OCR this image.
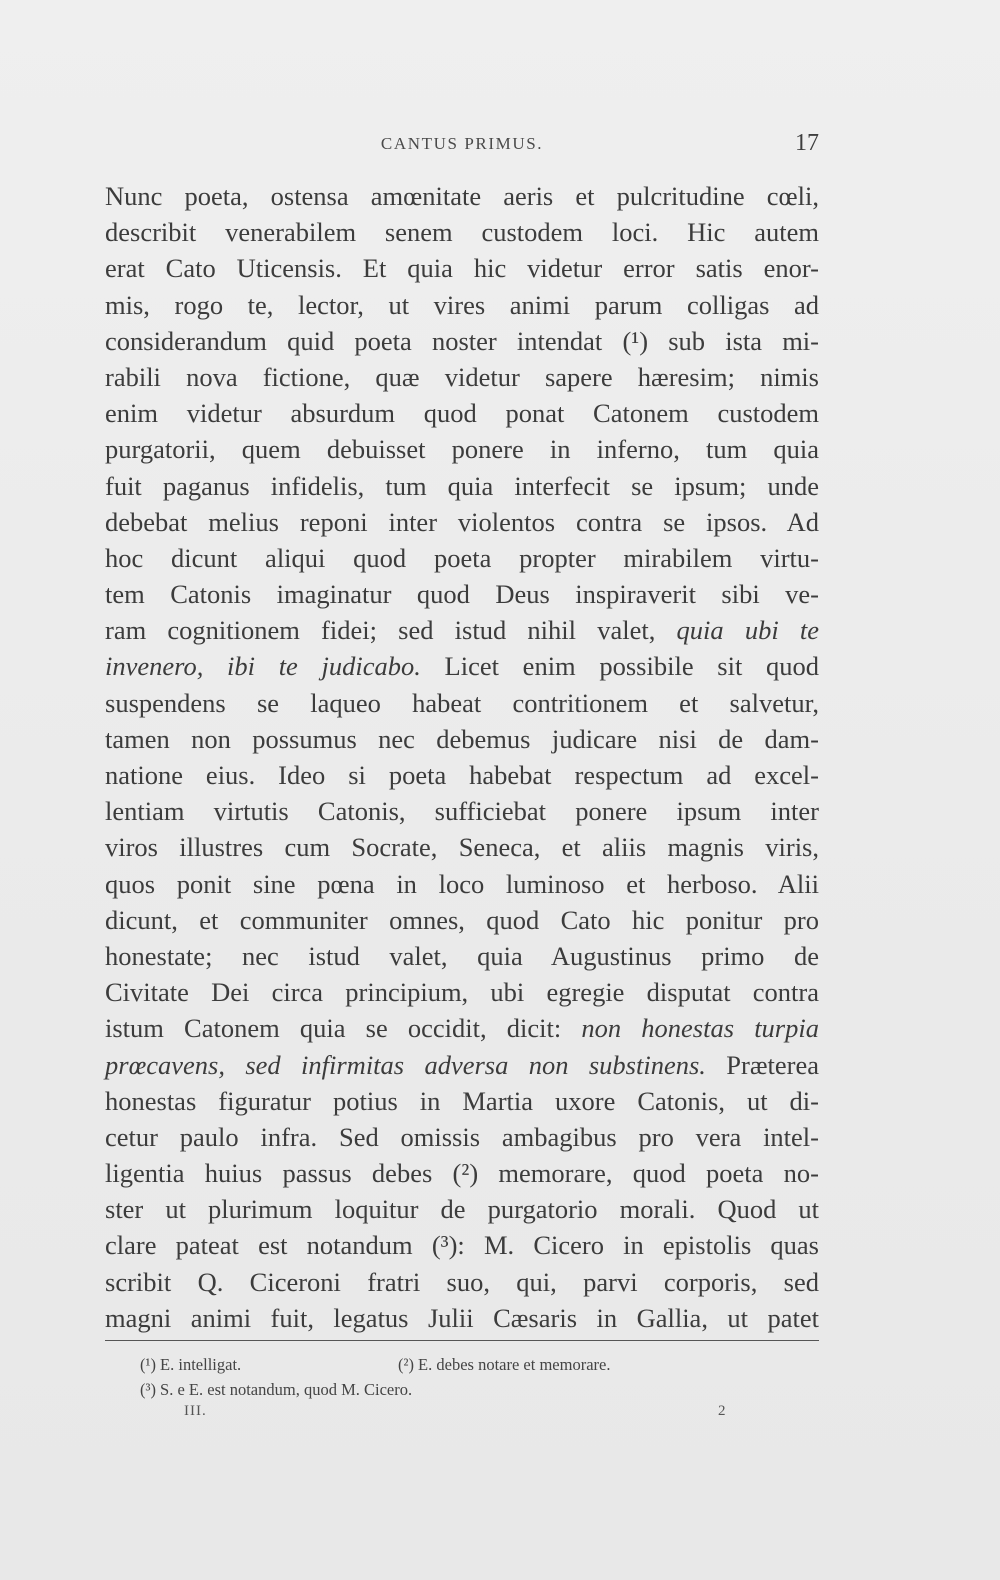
CANTUS PRIMUS.	17
Nunc poeta, ostensa amœnitate aeris et pulcritudine cœli,
describit venerabilem senem custodem loci. Hic autem
erat Cato Uticensis. Et quia hic videtur error satis enor-
mis, rogo te, lector, ut vires animi parum colligas ad
considerandum quid poeta noster intendat (¹) sub ista mi-
rabili nova fictione, quæ videtur sapere hæresim; nimis
enim videtur absurdum quod ponat Catonem custodem
purgatorii, quem debuisset ponere in inferno, tum quia
fuit paganus infidelis, tum quia interfecit se ipsum; unde
debebat melius reponi inter violentos contra se ipsos. Ad
hoc dicunt aliqui quod poeta propter mirabilem virtu-
tem Catonis imaginatur quod Deus inspiraverit sibi ve-
ram cognitionem fidei; sed istud nihil valet, quia ubi te
invenero, ibi te judicabo. Licet enim possibile sit quod
suspendens se laqueo habeat contritionem et salvetur,
tamen non possumus nec debemus judicare nisi de dam-
natione eius. Ideo si poeta habebat respectum ad excel-
lentiam virtutis Catonis, sufficiebat ponere ipsum inter
viros illustres cum Socrate, Seneca, et aliis magnis viris,
quos ponit sine pœna in loco luminoso et herboso. Alii
dicunt, et communiter omnes, quod Cato hic ponitur pro
honestate; nec istud valet, quia Augustinus primo de
Civitate Dei circa principium, ubi egregie disputat contra
istum Catonem quia se occidit, dicit: non honestas turpia
prœcavens, sed infirmitas adversa non substinens. Præterea
honestas figuratur potius in Martia uxore Catonis, ut di-
cetur paulo infra. Sed omissis ambagibus pro vera intel-
ligentia huius passus debes (²) memorare, quod poeta no-
ster ut plurimum loquitur de purgatorio morali. Quod ut
clare pateat est notandum (³): M. Cicero in epistolis quas
scribit Q. Ciceroni fratri suo, qui, parvi corporis, sed
magni animi fuit, legatus Julii Cæsaris in Gallia, ut patet
(¹) E. intelligat.	(²) E. debes notare et memorare.
(³) S. e E. est notandum, quod M. Cicero.
III.	2
